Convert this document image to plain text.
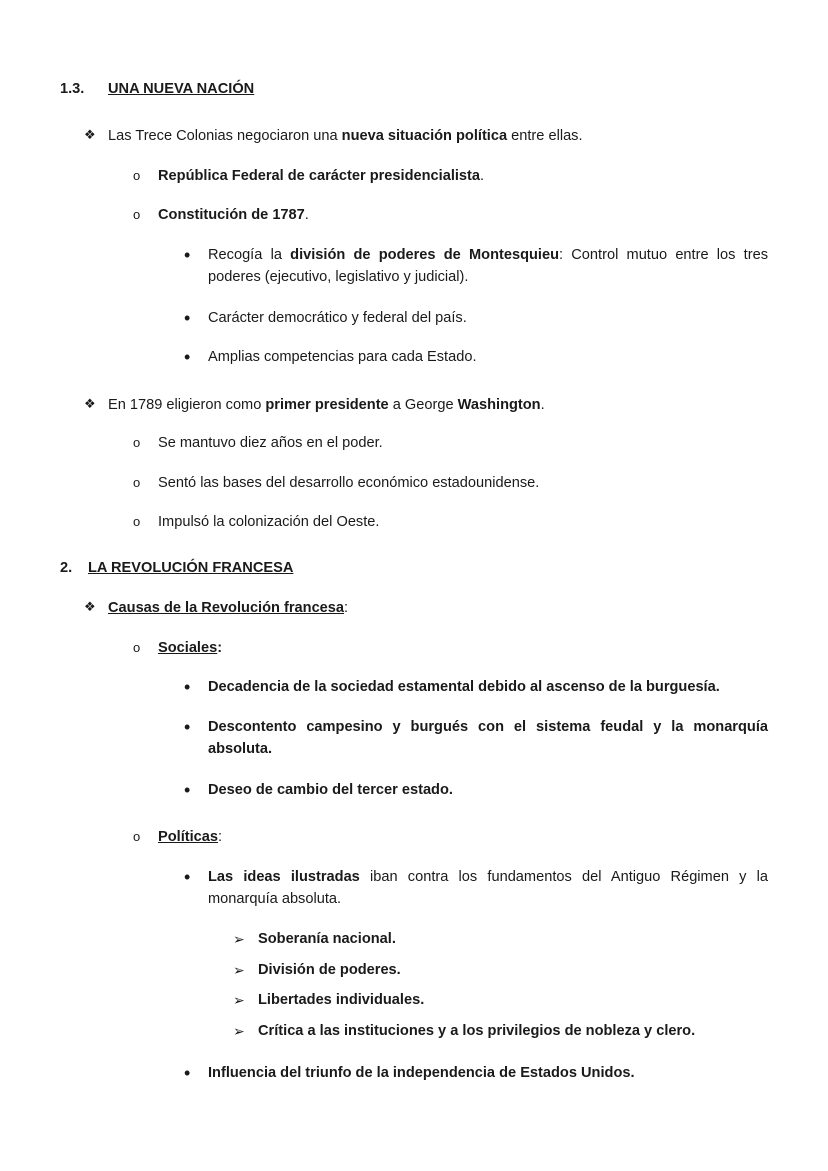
1.3. UNA NUEVA NACIÓN
❖ Las Trece Colonias negociaron una nueva situación política entre ellas.
o República Federal de carácter presidencialista.
o Constitución de 1787.
• Recogía la división de poderes de Montesquieu: Control mutuo entre los tres poderes (ejecutivo, legislativo y judicial).
• Carácter democrático y federal del país.
• Amplias competencias para cada Estado.
❖ En 1789 eligieron como primer presidente a George Washington.
o Se mantuvo diez años en el poder.
o Sentó las bases del desarrollo económico estadounidense.
o Impulsó la colonización del Oeste.
2. LA REVOLUCIÓN FRANCESA
❖ Causas de la Revolución francesa:
o Sociales:
• Decadencia de la sociedad estamental debido al ascenso de la burguesía.
• Descontento campesino y burgués con el sistema feudal y la monarquía absoluta.
• Deseo de cambio del tercer estado.
o Políticas:
• Las ideas ilustradas iban contra los fundamentos del Antiguo Régimen y la monarquía absoluta.
➢ Soberanía nacional.
➢ División de poderes.
➢ Libertades individuales.
➢ Crítica a las instituciones y a los privilegios de nobleza y clero.
• Influencia del triunfo de la independencia de Estados Unidos.
